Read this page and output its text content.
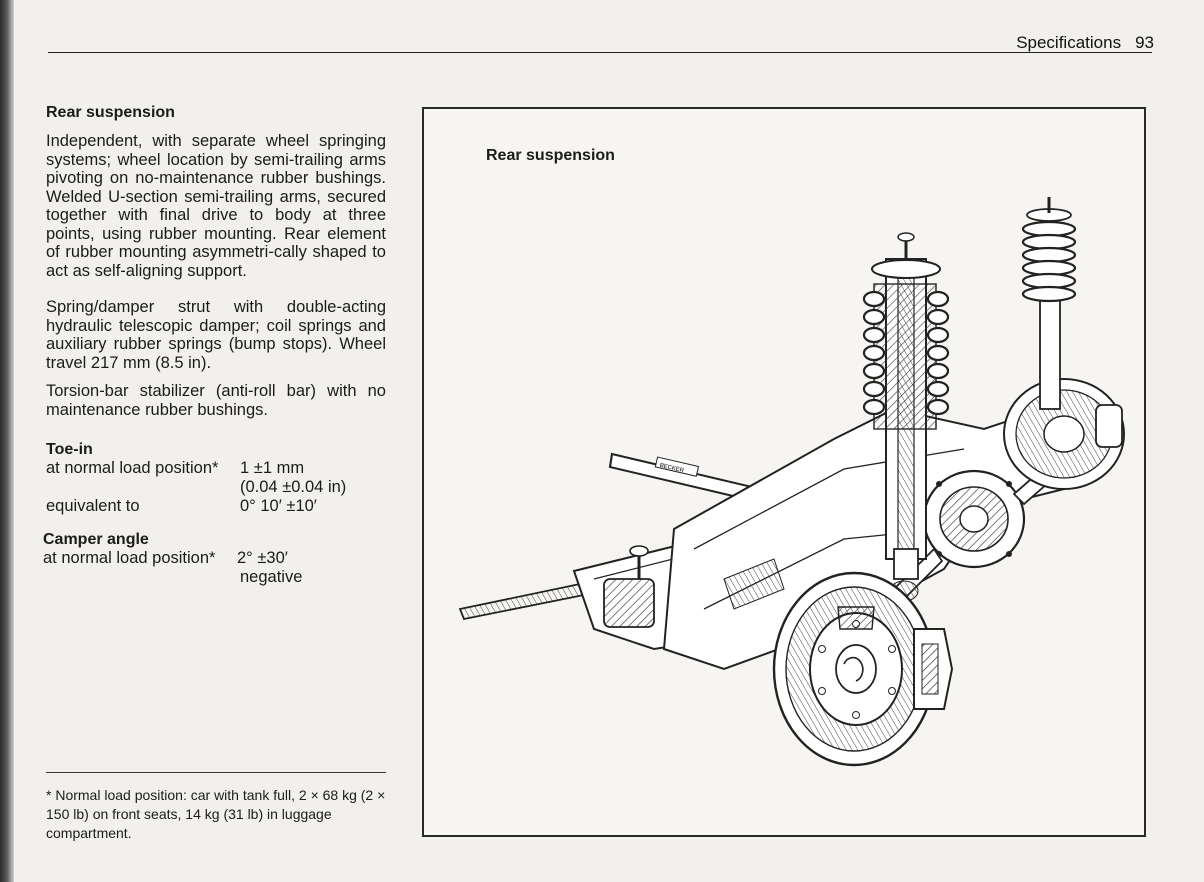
Specifications 93

Rear suspension

Independent, with separate wheel springing systems; wheel location by semi-trailing arms pivoting on no-maintenance rubber bushings. Welded U-section semi-trailing arms, secured together with final drive to body at three points, using rubber mounting. Rear element of rubber mounting asymmetri-cally shaped to act as self-aligning support.

Spring/damper strut with double-acting hydraulic telescopic damper; coil springs and auxiliary rubber springs (bump stops). Wheel travel 217 mm (8.5 in).

Torsion-bar stabilizer (anti-roll bar) with no maintenance rubber bushings.

Toe-in

at normal load position* 1 ±1 mm
(0.04 ±0.04 in)
equivalent to	0° 10′ ±10′

Camper angle

at normal load position* 2° ±30′
negative
* Normal load position: car with tank full, 2 × 68 kg (2 × 150 lb) on front seats, 14 kg (31 lb) in luggage compartment.
Rear suspension
BECKER
